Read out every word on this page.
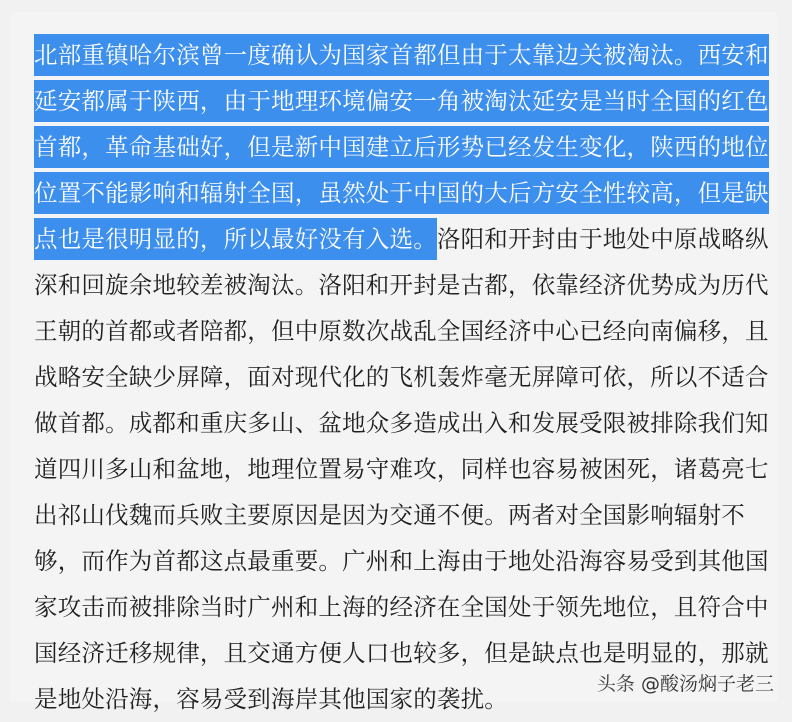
北部重镇哈尔滨曾一度确认为国家首都但由于太靠边关被淘汰。西安和延安都属于陕西，由于地理环境偏安一角被淘汰延安是当时全国的红色首都，革命基础好，但是新中国建立后形势已经发生变化，陕西的地位位置不能影响和辐射全国，虽然处于中国的大后方安全性较高，但是缺点也是很明显的，所以最好没有入选。洛阳和开封由于地处中原战略纵深和回旋余地较差被淘汰。洛阳和开封是古都，依靠经济优势成为历代王朝的首都或者陪都，但中原数次战乱全国经济中心已经向南偏移，且战略安全缺少屏障，面对现代化的飞机轰炸毫无屏障可依，所以不适合做首都。成都和重庆多山、盆地众多造成出入和发展受限被排除我们知道四川多山和盆地，地理位置易守难攻，同样也容易被困死，诸葛亮七出祁山伐魏而兵败主要原因是因为交通不便。两者对全国影响辐射不够，而作为首都这点最重要。广州和上海由于地处沿海容易受到其他国家攻击而被排除当时广州和上海的经济在全国处于领先地位，且符合中国经济迁移规律，且交通方便人口也较多，但是缺点也是明显的，那就是地处沿海，容易受到海岸其他国家的袭扰。	头条 @酸汤焖子老三
